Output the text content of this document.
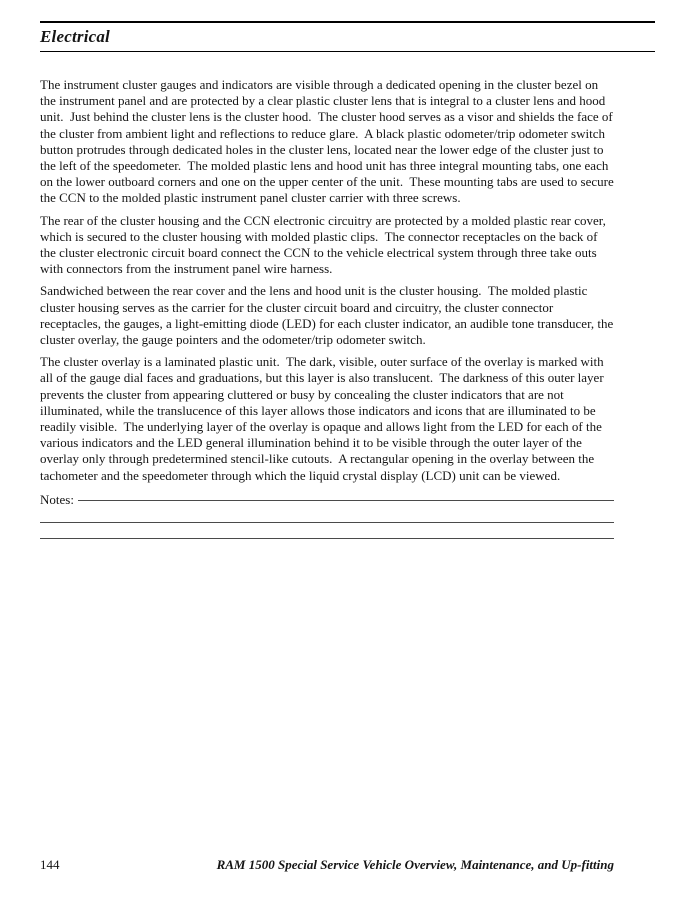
Electrical

The instrument cluster gauges and indicators are visible through a dedicated opening in the cluster bezel on the instrument panel and are protected by a clear plastic cluster lens that is integral to a cluster lens and hood unit.  Just behind the cluster lens is the cluster hood.  The cluster hood serves as a visor and shields the face of the cluster from ambient light and reflections to reduce glare.  A black plastic odometer/trip odometer switch button protrudes through dedicated holes in the cluster lens, located near the lower edge of the cluster just to the left of the speedometer.  The molded plastic lens and hood unit has three integral mounting tabs, one each on the lower outboard corners and one on the upper center of the unit.  These mounting tabs are used to secure the CCN to the molded plastic instrument panel cluster carrier with three screws.

The rear of the cluster housing and the CCN electronic circuitry are protected by a molded plastic rear cover, which is secured to the cluster housing with molded plastic clips.  The connector receptacles on the back of the cluster electronic circuit board connect the CCN to the vehicle electrical system through three take outs with connectors from the instrument panel wire harness.

Sandwiched between the rear cover and the lens and hood unit is the cluster housing.  The molded plastic cluster housing serves as the carrier for the cluster circuit board and circuitry, the cluster connector receptacles, the gauges, a light-emitting diode (LED) for each cluster indicator, an audible tone transducer, the cluster overlay, the gauge pointers and the odometer/trip odometer switch.

The cluster overlay is a laminated plastic unit.  The dark, visible, outer surface of the overlay is marked with all of the gauge dial faces and graduations, but this layer is also translucent.  The darkness of this outer layer prevents the cluster from appearing cluttered or busy by concealing the cluster indicators that are not illuminated, while the translucence of this layer allows those indicators and icons that are illuminated to be readily visible.  The underlying layer of the overlay is opaque and allows light from the LED for each of the various indicators and the LED general illumination behind it to be visible through the outer layer of the overlay only through predetermined stencil-like cutouts.  A rectangular opening in the overlay between the tachometer and the speedometer through which the liquid crystal display (LCD) unit can be viewed.

Notes:
144	RAM 1500 Special Service Vehicle Overview, Maintenance, and Up-fitting
